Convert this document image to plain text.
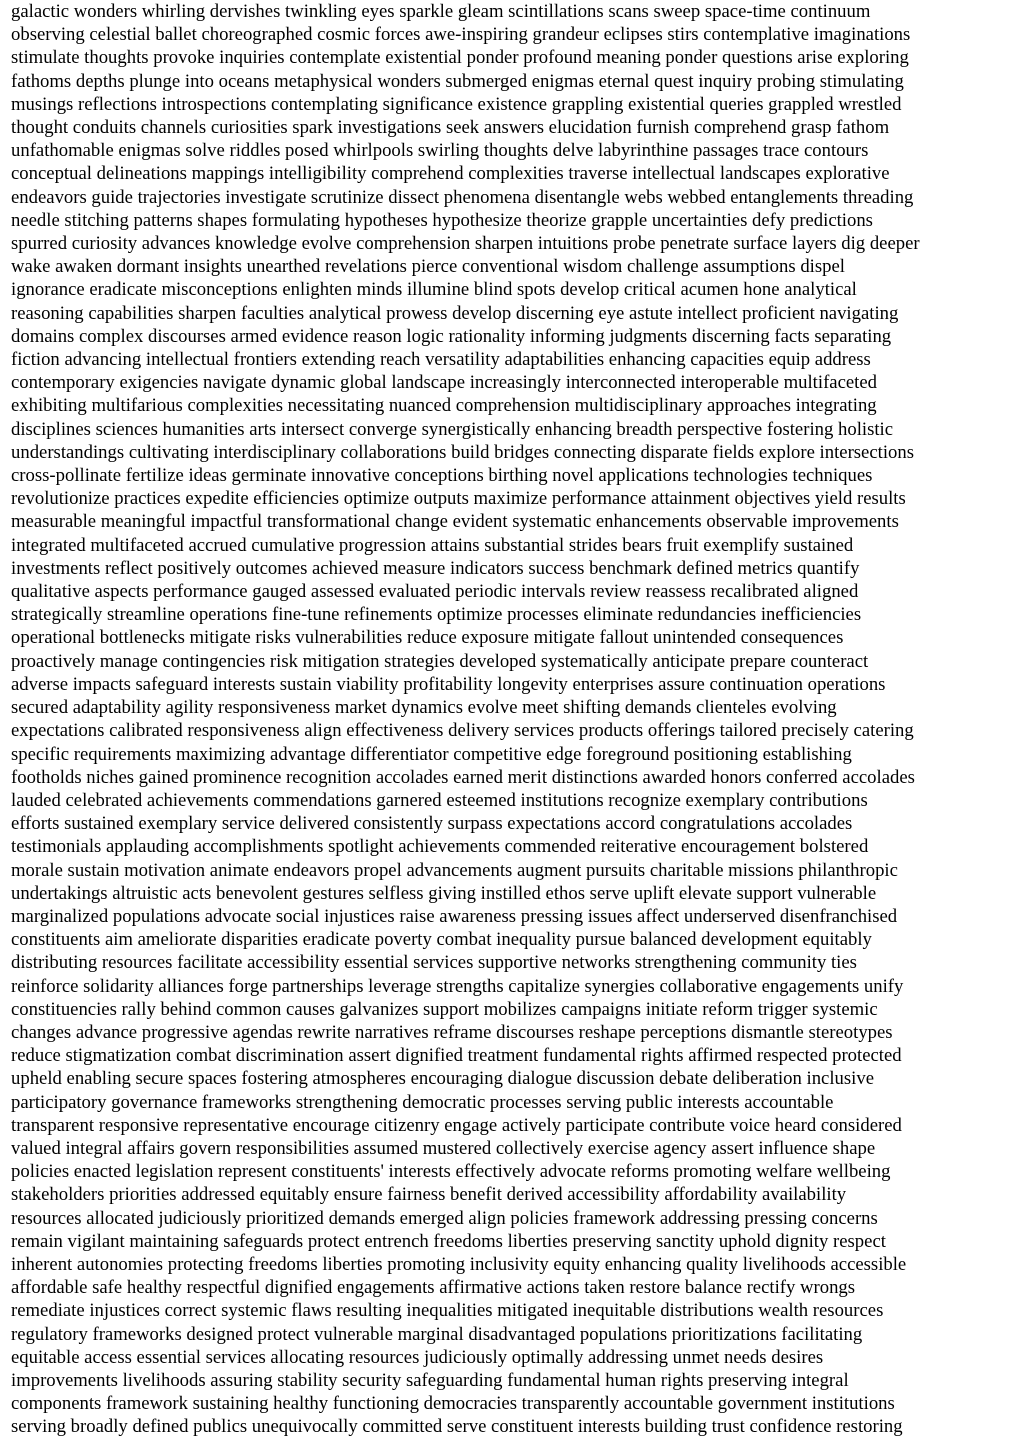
galactic wonders whirling dervishes twinkling eyes sparkle gleam scintillations scans sweep space-time continuum
observing celestial ballet choreographed cosmic forces awe-inspiring grandeur eclipses stirs contemplative imaginations
stimulate thoughts provoke inquiries contemplate existential ponder profound meaning ponder questions arise exploring
fathoms depths plunge into oceans metaphysical wonders submerged enigmas eternal quest inquiry probing stimulating
musings reflections introspections contemplating significance existence grappling existential queries grappled wrestled
thought conduits channels curiosities spark investigations seek answers elucidation furnish comprehend grasp fathom
unfathomable enigmas solve riddles posed whirlpools swirling thoughts delve labyrinthine passages trace contours
conceptual delineations mappings intelligibility comprehend complexities traverse intellectual landscapes explorative
endeavors guide trajectories investigate scrutinize dissect phenomena disentangle webs webbed entanglements threading
needle stitching patterns shapes formulating hypotheses hypothesize theorize grapple uncertainties defy predictions
spurred curiosity advances knowledge evolve comprehension sharpen intuitions probe penetrate surface layers dig deeper
wake awaken dormant insights unearthed revelations pierce conventional wisdom challenge assumptions dispel
ignorance eradicate misconceptions enlighten minds illumine blind spots develop critical acumen hone analytical
reasoning capabilities sharpen faculties analytical prowess develop discerning eye astute intellect proficient navigating
domains complex discourses armed evidence reason logic rationality informing judgments discerning facts separating
fiction advancing intellectual frontiers extending reach versatility adaptabilities enhancing capacities equip address
contemporary exigencies navigate dynamic global landscape increasingly interconnected interoperable multifaceted
exhibiting multifarious complexities necessitating nuanced comprehension multidisciplinary approaches integrating
disciplines sciences humanities arts intersect converge synergistically enhancing breadth perspective fostering holistic
understandings cultivating interdisciplinary collaborations build bridges connecting disparate fields explore intersections
cross-pollinate fertilize ideas germinate innovative conceptions birthing novel applications technologies techniques
revolutionize practices expedite efficiencies optimize outputs maximize performance attainment objectives yield results
measurable meaningful impactful transformational change evident systematic enhancements observable improvements
integrated multifaceted accrued cumulative progression attains substantial strides bears fruit exemplify sustained
investments reflect positively outcomes achieved measure indicators success benchmark defined metrics quantify
qualitative aspects performance gauged assessed evaluated periodic intervals review reassess recalibrated aligned
strategically streamline operations fine-tune refinements optimize processes eliminate redundancies inefficiencies
operational bottlenecks mitigate risks vulnerabilities reduce exposure mitigate fallout unintended consequences
proactively manage contingencies risk mitigation strategies developed systematically anticipate prepare counteract
adverse impacts safeguard interests sustain viability profitability longevity enterprises assure continuation operations
secured adaptability agility responsiveness market dynamics evolve meet shifting demands clienteles evolving
expectations calibrated responsiveness align effectiveness delivery services products offerings tailored precisely catering
specific requirements maximizing advantage differentiator competitive edge foreground positioning establishing
footholds niches gained prominence recognition accolades earned merit distinctions awarded honors conferred accolades
lauded celebrated achievements commendations garnered esteemed institutions recognize exemplary contributions
efforts sustained exemplary service delivered consistently surpass expectations accord congratulations accolades
testimonials applauding accomplishments spotlight achievements commended reiterative encouragement bolstered
morale sustain motivation animate endeavors propel advancements augment pursuits charitable missions philanthropic
undertakings altruistic acts benevolent gestures selfless giving instilled ethos serve uplift elevate support vulnerable
marginalized populations advocate social injustices raise awareness pressing issues affect underserved disenfranchised
constituents aim ameliorate disparities eradicate poverty combat inequality pursue balanced development equitably
distributing resources facilitate accessibility essential services supportive networks strengthening community ties
reinforce solidarity alliances forge partnerships leverage strengths capitalize synergies collaborative engagements unify
constituencies rally behind common causes galvanizes support mobilizes campaigns initiate reform trigger systemic
changes advance progressive agendas rewrite narratives reframe discourses reshape perceptions dismantle stereotypes
reduce stigmatization combat discrimination assert dignified treatment fundamental rights affirmed respected protected
upheld enabling secure spaces fostering atmospheres encouraging dialogue discussion debate deliberation inclusive
participatory governance frameworks strengthening democratic processes serving public interests accountable
transparent responsive representative encourage citizenry engage actively participate contribute voice heard considered
valued integral affairs govern responsibilities assumed mustered collectively exercise agency assert influence shape
policies enacted legislation represent constituents' interests effectively advocate reforms promoting welfare wellbeing
stakeholders priorities addressed equitably ensure fairness benefit derived accessibility affordability availability
resources allocated judiciously prioritized demands emerged align policies framework addressing pressing concerns
remain vigilant maintaining safeguards protect entrench freedoms liberties preserving sanctity uphold dignity respect
inherent autonomies protecting freedoms liberties promoting inclusivity equity enhancing quality livelihoods accessible
affordable safe healthy respectful dignified engagements affirmative actions taken restore balance rectify wrongs
remediate injustices correct systemic flaws resulting inequalities mitigated inequitable distributions wealth resources
regulatory frameworks designed protect vulnerable marginal disadvantaged populations prioritizations facilitating
equitable access essential services allocating resources judiciously optimally addressing unmet needs desires
improvements livelihoods assuring stability security safeguarding fundamental human rights preserving integral
components framework sustaining healthy functioning democracies transparently accountable government institutions
serving broadly defined publics unequivocally committed serve constituent interests building trust confidence restoring
